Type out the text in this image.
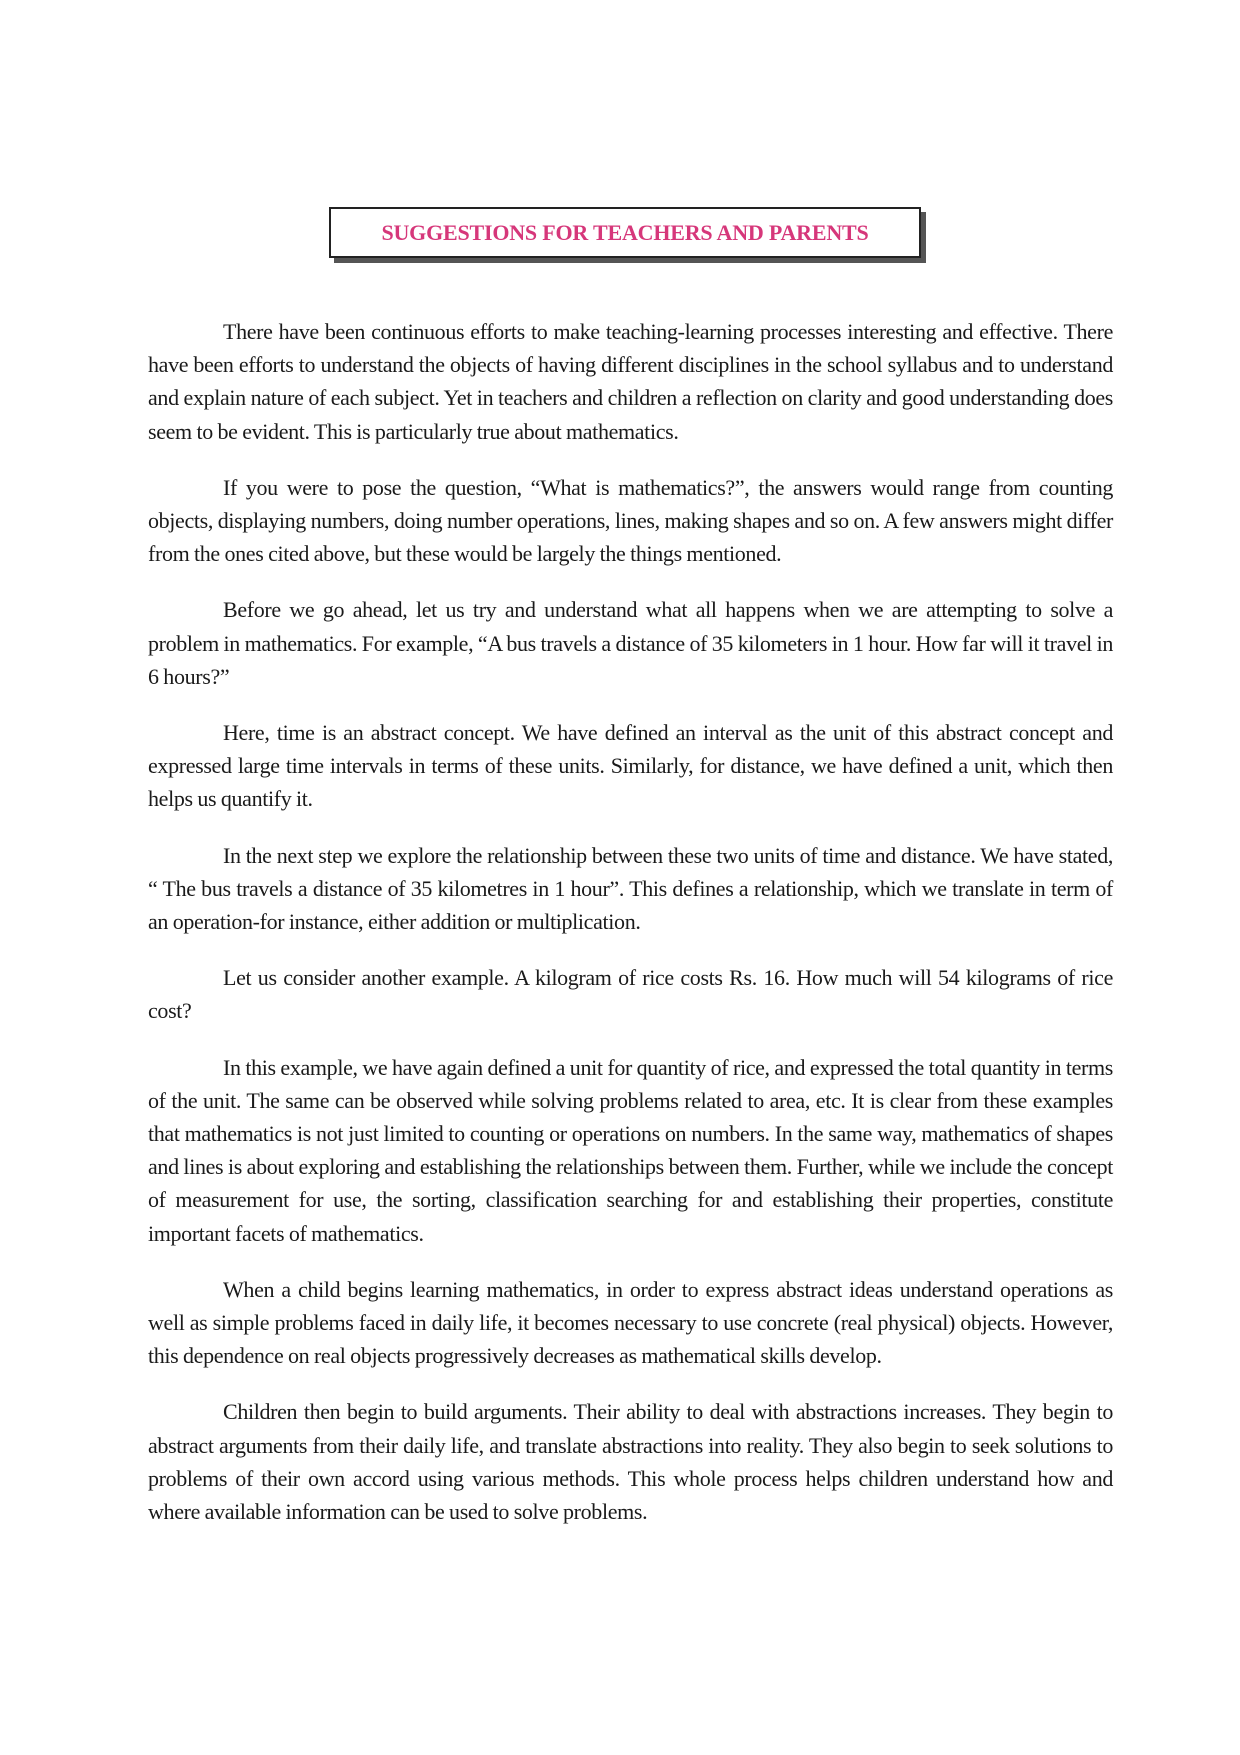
SUGGESTIONS FOR TEACHERS AND PARENTS

There have been continuous efforts to make teaching-learning processes interesting and effective. There have been efforts to understand the objects of having different disciplines in the school syllabus and to understand and explain nature of each subject. Yet in teachers and children a reflection on clarity and good understanding does seem to be evident. This is particularly true about mathematics.

If you were to pose the question, “What is mathematics?”, the answers would range from counting objects, displaying numbers, doing number operations, lines, making shapes and so on. A few answers might differ from the ones cited above, but these would be largely the things mentioned.

Before we go ahead, let us try and understand what all happens when we are attempting to solve a problem in mathematics. For example, “A bus travels a distance of 35 kilometers in 1 hour. How far will it travel in 6 hours?”

Here, time is an abstract concept. We have defined an interval as the unit of this abstract concept and expressed large time intervals in terms of these units. Similarly, for distance, we have defined a unit, which then helps us quantify it.

In the next step we explore the relationship between these two units of time and distance. We have stated, “ The bus travels a distance of 35 kilometres in 1 hour”. This defines a relationship, which we translate in term of an operation-for instance, either addition or multiplication.

Let us consider another example. A kilogram of rice costs Rs. 16. How much will 54 kilograms of rice cost?

In this example, we have again defined a unit for quantity of rice, and expressed the total quantity in terms of the unit. The same can be observed while solving problems related to area, etc. It is clear from these examples that mathematics is not just limited to counting or operations on numbers. In the same way, mathematics of shapes and lines is about exploring and establishing the relationships between them. Further, while we include the concept of measurement for use, the sorting, classification searching for and establishing their properties, constitute important facets of mathematics.

When a child begins learning mathematics, in order to express abstract ideas understand operations as well as simple problems faced in daily life, it becomes necessary to use concrete (real physical) objects. However, this dependence on real objects progressively decreases as mathematical skills develop.

Children then begin to build arguments. Their ability to deal with abstractions increases. They begin to abstract arguments from their daily life, and translate abstractions into reality. They also begin to seek solutions to problems of their own accord using various methods. This whole process helps children understand how and where available information can be used to solve problems.
